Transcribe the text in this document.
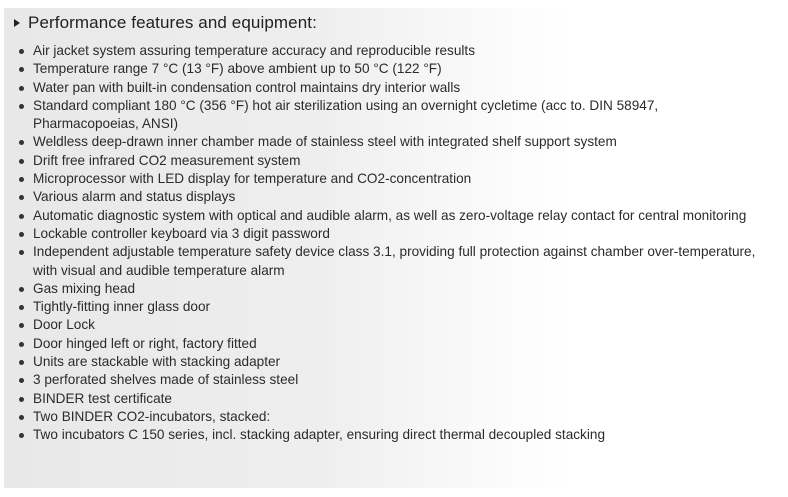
Performance features and equipment:
Air jacket system assuring temperature accuracy and reproducible results
Temperature range 7 °C (13 °F) above ambient up to 50 °C (122 °F)
Water pan with built-in condensation control maintains dry interior walls
Standard compliant 180 °C (356 °F) hot air sterilization using an overnight cycletime (acc to. DIN 58947, Pharmacopoeias, ANSI)
Weldless deep-drawn inner chamber made of stainless steel with integrated shelf support system
Drift free infrared CO2 measurement system
Microprocessor with LED display for temperature and CO2-concentration
Various alarm and status displays
Automatic diagnostic system with optical and audible alarm, as well as zero-voltage relay contact for central monitoring
Lockable controller keyboard via 3 digit password
Independent adjustable temperature safety device class 3.1, providing full protection against chamber over-temperature, with visual and audible temperature alarm
Gas mixing head
Tightly-fitting inner glass door
Door Lock
Door hinged left or right, factory fitted
Units are stackable with stacking adapter
3 perforated shelves made of stainless steel
BINDER test certificate
Two BINDER CO2-incubators, stacked:
Two incubators C 150 series, incl. stacking adapter, ensuring direct thermal decoupled stacking
